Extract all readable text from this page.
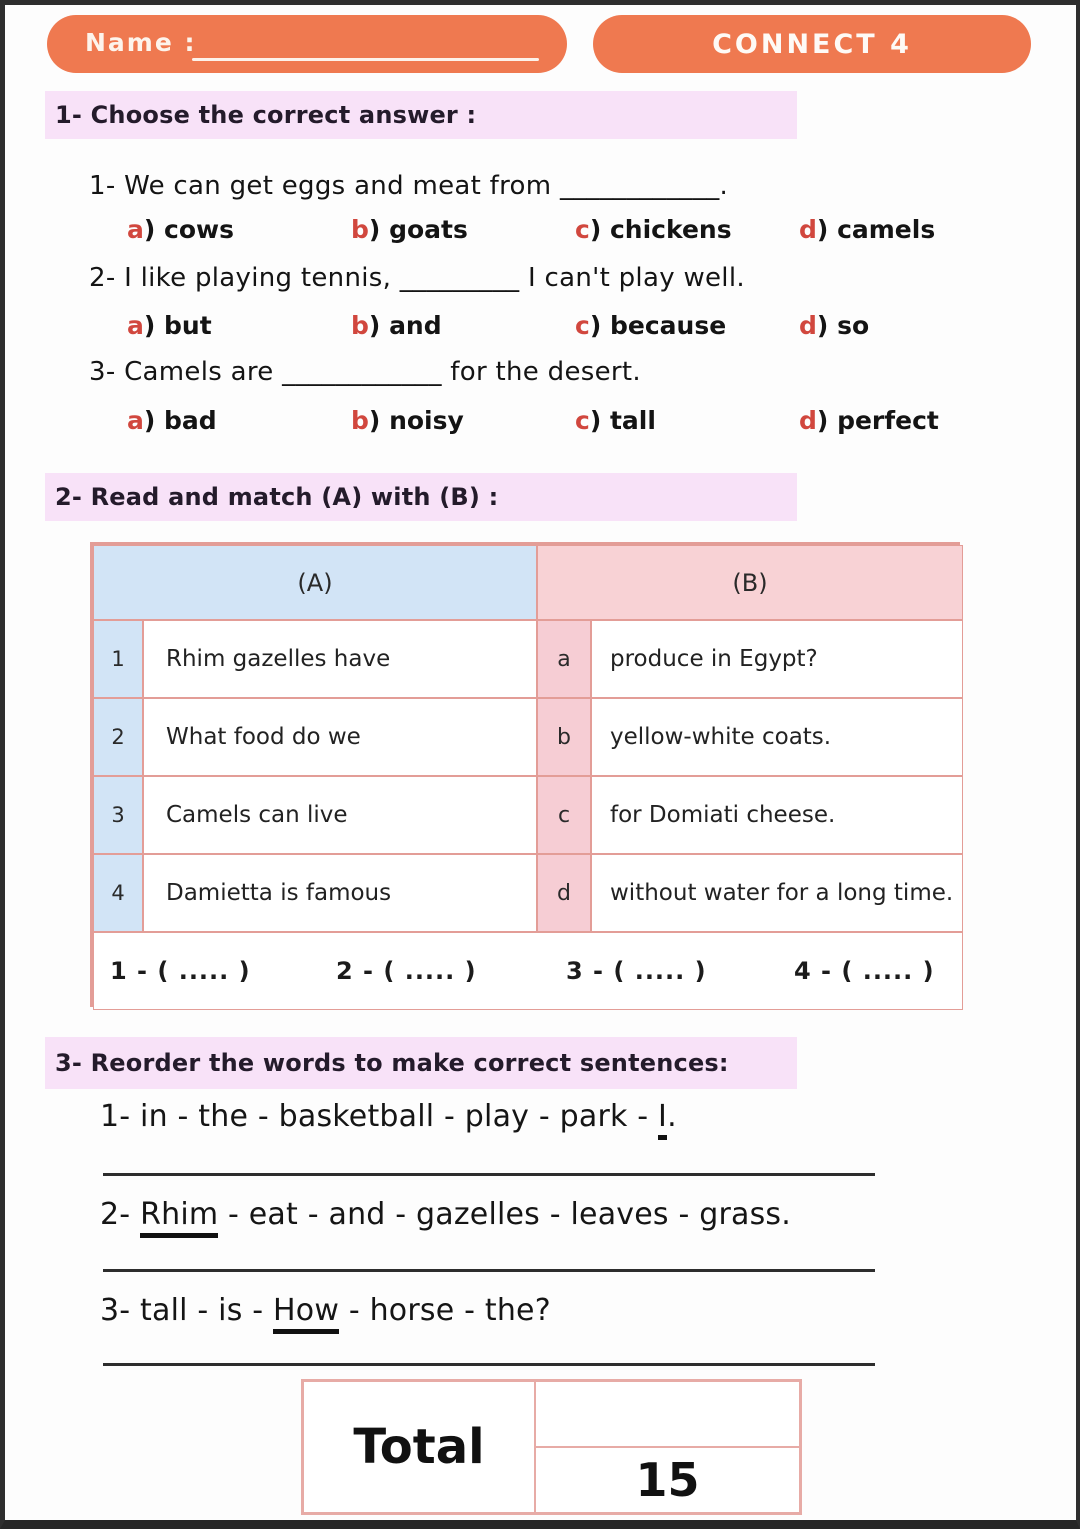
Name :	CONNECT 4
1- Choose the correct answer :
1- We can get eggs and meat from ____________.
a) cows	b) goats	c) chickens	d) camels
2- I like playing tennis, _________ I can't play well.
a) but	b) and	c) because	d) so
3- Camels are ____________ for the desert.
a) bad	b) noisy	c) tall	d) perfect
2- Read and match (A) with (B) :
(A)	(B)
1	Rhim gazelles have	a	produce in Egypt?
2	What food do we	b	yellow-white coats.
3	Camels can live	c	for Domiati cheese.
4	Damietta is famous	d	without water for a long time.
1 - ( ..... )	2 - ( ..... )	3 - ( ..... )	4 - ( ..... )
3- Reorder the words to make correct sentences:
1- in - the - basketball - play - park - I.
2- Rhim - eat - and - gazelles - leaves - grass.
3- tall - is - How - horse - the?
Total
15
